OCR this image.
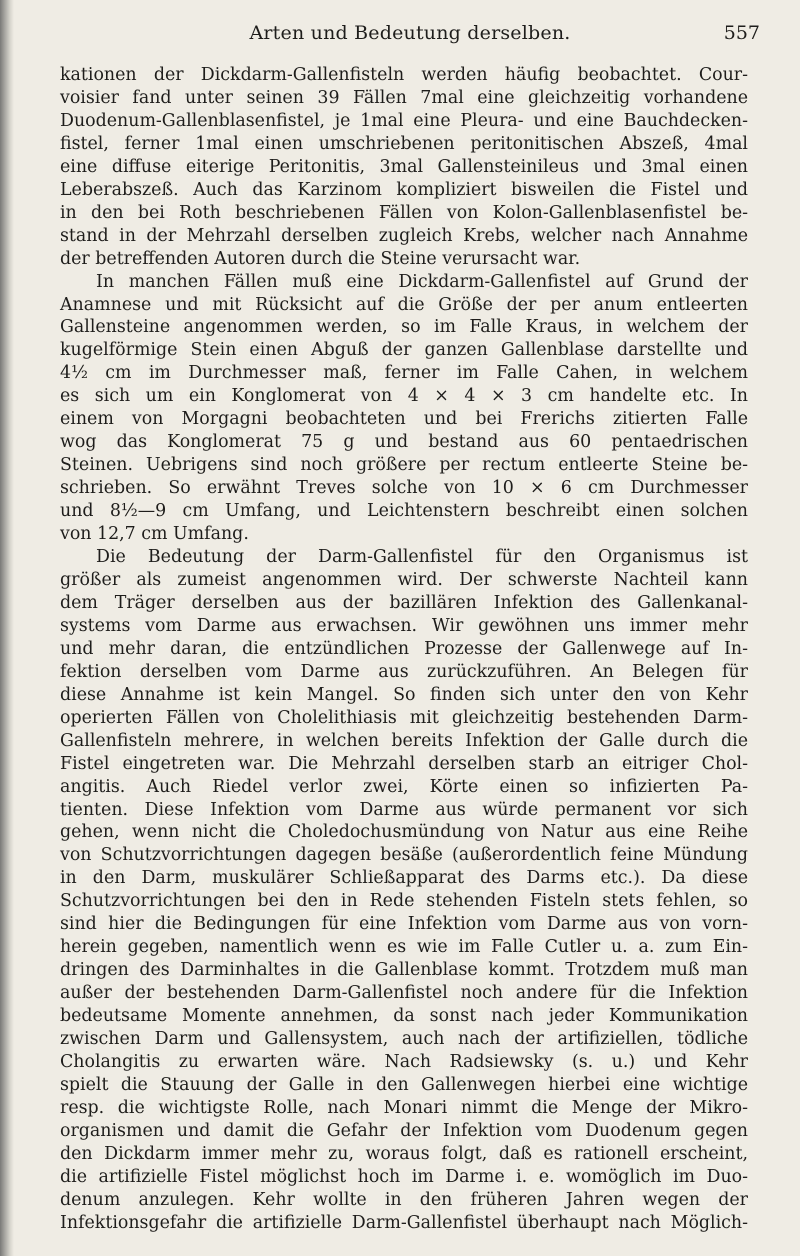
Arten und Bedeutung derselben.	557
kationen der Dickdarm-Gallenfisteln werden häufig beobachtet. Cour-
voisier fand unter seinen 39 Fällen 7mal eine gleichzeitig vorhandene
Duodenum-Gallenblasenfistel, je 1mal eine Pleura- und eine Bauchdecken-
fistel, ferner 1mal einen umschriebenen peritonitischen Abszeß, 4mal
eine diffuse eiterige Peritonitis, 3mal Gallensteinileus und 3mal einen
Leberabszeß. Auch das Karzinom kompliziert bisweilen die Fistel und
in den bei Roth beschriebenen Fällen von Kolon-Gallenblasenfistel be-
stand in der Mehrzahl derselben zugleich Krebs, welcher nach Annahme
der betreffenden Autoren durch die Steine verursacht war.
In manchen Fällen muß eine Dickdarm-Gallenfistel auf Grund der
Anamnese und mit Rücksicht auf die Größe der per anum entleerten
Gallensteine angenommen werden, so im Falle Kraus, in welchem der
kugelförmige Stein einen Abguß der ganzen Gallenblase darstellte und
4½ cm im Durchmesser maß, ferner im Falle Cahen, in welchem
es sich um ein Konglomerat von 4 × 4 × 3 cm handelte etc. In
einem von Morgagni beobachteten und bei Frerichs zitierten Falle
wog das Konglomerat 75 g und bestand aus 60 pentaedrischen
Steinen. Uebrigens sind noch größere per rectum entleerte Steine be-
schrieben. So erwähnt Treves solche von 10 × 6 cm Durchmesser
und 8½—9 cm Umfang, und Leichtenstern beschreibt einen solchen
von 12,7 cm Umfang.
Die Bedeutung der Darm-Gallenfistel für den Organismus ist
größer als zumeist angenommen wird. Der schwerste Nachteil kann
dem Träger derselben aus der bazillären Infektion des Gallenkanal-
systems vom Darme aus erwachsen. Wir gewöhnen uns immer mehr
und mehr daran, die entzündlichen Prozesse der Gallenwege auf In-
fektion derselben vom Darme aus zurückzuführen. An Belegen für
diese Annahme ist kein Mangel. So finden sich unter den von Kehr
operierten Fällen von Cholelithiasis mit gleichzeitig bestehenden Darm-
Gallenfisteln mehrere, in welchen bereits Infektion der Galle durch die
Fistel eingetreten war. Die Mehrzahl derselben starb an eitriger Chol-
angitis. Auch Riedel verlor zwei, Körte einen so infizierten Pa-
tienten. Diese Infektion vom Darme aus würde permanent vor sich
gehen, wenn nicht die Choledochusmündung von Natur aus eine Reihe
von Schutzvorrichtungen dagegen besäße (außerordentlich feine Mündung
in den Darm, muskulärer Schließapparat des Darms etc.). Da diese
Schutzvorrichtungen bei den in Rede stehenden Fisteln stets fehlen, so
sind hier die Bedingungen für eine Infektion vom Darme aus von vorn-
herein gegeben, namentlich wenn es wie im Falle Cutler u. a. zum Ein-
dringen des Darminhaltes in die Gallenblase kommt. Trotzdem muß man
außer der bestehenden Darm-Gallenfistel noch andere für die Infektion
bedeutsame Momente annehmen, da sonst nach jeder Kommunikation
zwischen Darm und Gallensystem, auch nach der artifiziellen, tödliche
Cholangitis zu erwarten wäre. Nach Radsiewsky (s. u.) und Kehr
spielt die Stauung der Galle in den Gallenwegen hierbei eine wichtige
resp. die wichtigste Rolle, nach Monari nimmt die Menge der Mikro-
organismen und damit die Gefahr der Infektion vom Duodenum gegen
den Dickdarm immer mehr zu, woraus folgt, daß es rationell erscheint,
die artifizielle Fistel möglichst hoch im Darme i. e. womöglich im Duo-
denum anzulegen. Kehr wollte in den früheren Jahren wegen der
Infektionsgefahr die artifizielle Darm-Gallenfistel überhaupt nach Möglich-
